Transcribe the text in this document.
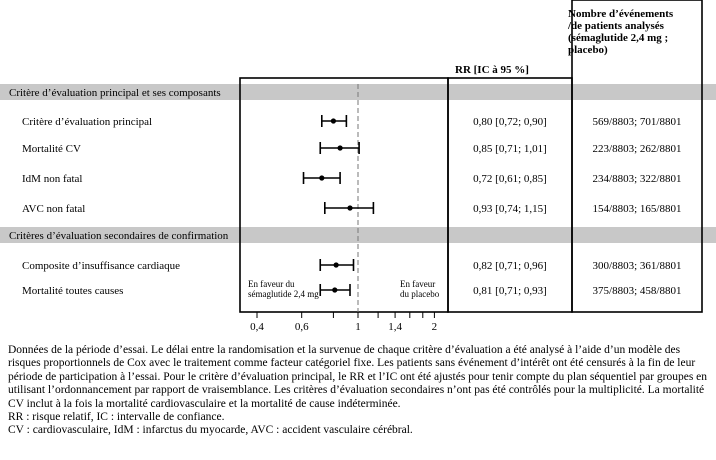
Nombre d’événements /de patients analysés (sémaglutide 2,4 mg ; placebo)
RR [IC à 95 %]
Critère d’évaluation principal et ses composants
Critères d’évaluation secondaires de confirmation
Critère d’évaluation principal	0,80 [0,72; 0,90]	569/8803; 701/8801
Mortalité CV	0,85 [0,71; 1,01]	223/8803; 262/8801
IdM non fatal	0,72 [0,61; 0,85]	234/8803; 322/8801
AVC non fatal	0,93 [0,74; 1,15]	154/8803; 165/8801
Composite d’insuffisance cardiaque	0,82 [0,71; 0,96]	300/8803; 361/8801
Mortalité toutes causes	0,81 [0,71; 0,93]	375/8803; 458/8801
En faveur du
sémaglutide 2,4 mg
En faveur
du placebo
0,4	0,6	1 1,4	2

Données de la période d’essai. Le délai entre la randomisation et la survenue de chaque critère d’évaluation a été analysé à l’aide d’un modèle des risques proportionnels de Cox avec le traitement comme facteur catégoriel fixe. Les patients sans événement d’intérêt ont été censurés à la fin de leur période de participation à l’essai. Pour le critère d’évaluation principal, le RR et l’IC ont été ajustés pour tenir compte du plan séquentiel par groupes en utilisant l’ordonnancement par rapport de vraisemblance. Les critères d’évaluation secondaires n’ont pas été contrôlés pour la multiplicité. La mortalité CV inclut à la fois la mortalité cardiovasculaire et la mortalité de cause indéterminée.

RR : risque relatif, IC : intervalle de confiance.

CV : cardiovasculaire, IdM : infarctus du myocarde, AVC : accident vasculaire cérébral.
